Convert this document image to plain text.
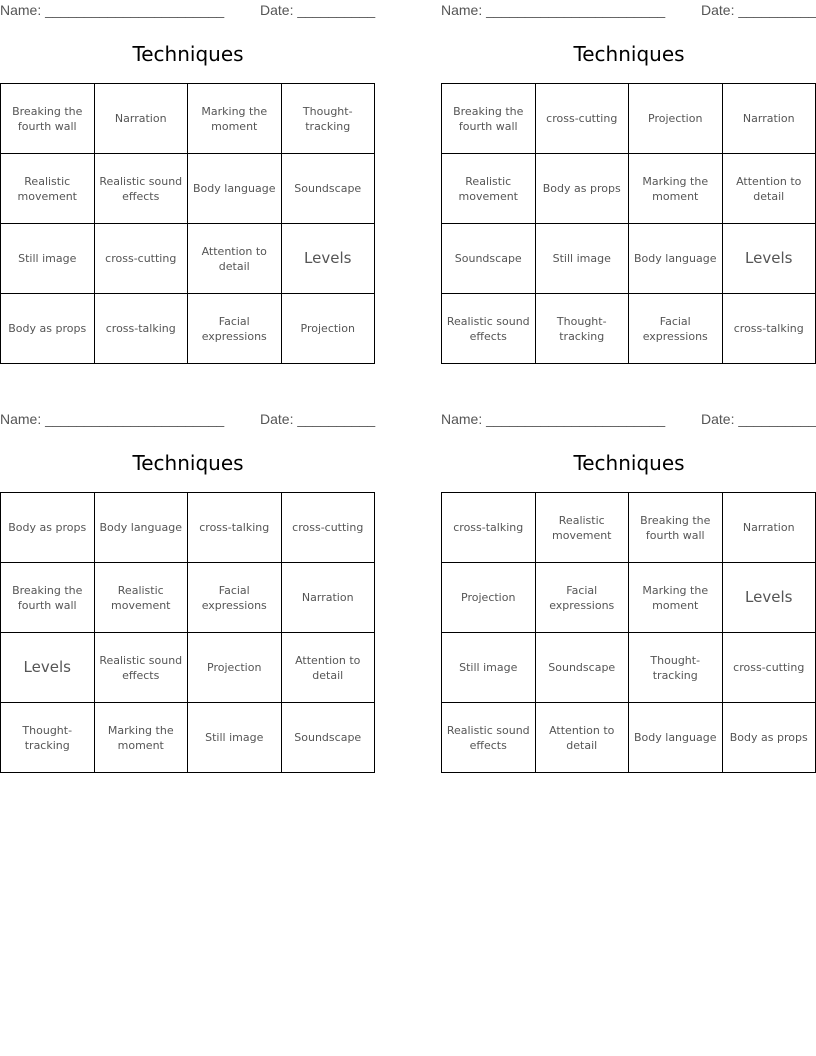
Name: _______________________	Date: __________
Techniques
Breaking the fourth wall	Narration	Marking the moment	Thought-tracking
Realistic movement	Realistic sound effects	Body language	Soundscape
Still image	cross-cutting	Attention to detail	Levels
Body as props	cross-talking	Facial expressions	Projection
Name: _______________________	Date: __________
Techniques
Breaking the fourth wall	cross-cutting	Projection	Narration
Realistic movement	Body as props	Marking the moment	Attention to detail
Soundscape	Still image	Body language	Levels
Realistic sound effects	Thought-tracking	Facial expressions	cross-talking
Name: _______________________	Date: __________
Techniques
Body as props	Body language	cross-talking	cross-cutting
Breaking the fourth wall	Realistic movement	Facial expressions	Narration
Levels	Realistic sound effects	Projection	Attention to detail
Thought-tracking	Marking the moment	Still image	Soundscape
Name: _______________________	Date: __________
Techniques
cross-talking	Realistic movement	Breaking the fourth wall	Narration
Projection	Facial expressions	Marking the moment	Levels
Still image	Soundscape	Thought-tracking	cross-cutting
Realistic sound effects	Attention to detail	Body language	Body as props
